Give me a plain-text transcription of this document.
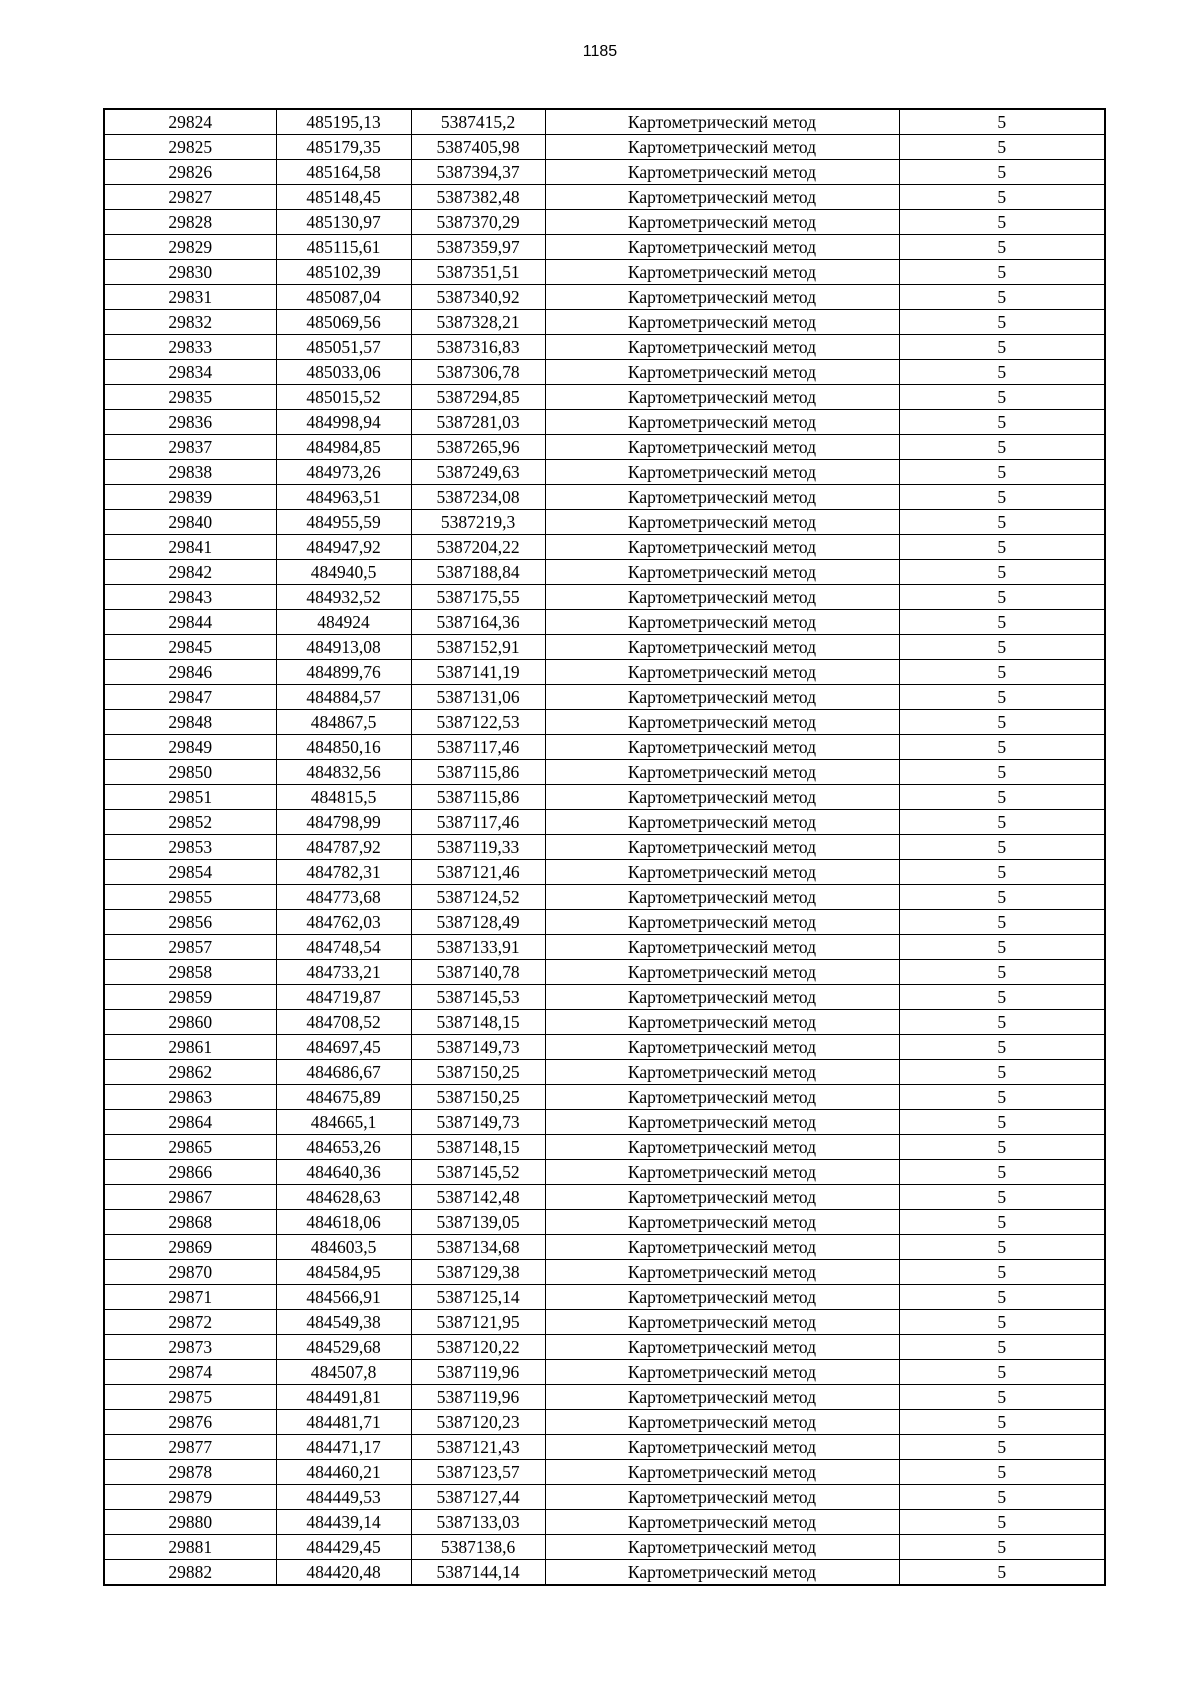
1185
29824	485195,13	5387415,2	Картометрический метод	5
29825	485179,35	5387405,98	Картометрический метод	5
29826	485164,58	5387394,37	Картометрический метод	5
29827	485148,45	5387382,48	Картометрический метод	5
29828	485130,97	5387370,29	Картометрический метод	5
29829	485115,61	5387359,97	Картометрический метод	5
29830	485102,39	5387351,51	Картометрический метод	5
29831	485087,04	5387340,92	Картометрический метод	5
29832	485069,56	5387328,21	Картометрический метод	5
29833	485051,57	5387316,83	Картометрический метод	5
29834	485033,06	5387306,78	Картометрический метод	5
29835	485015,52	5387294,85	Картометрический метод	5
29836	484998,94	5387281,03	Картометрический метод	5
29837	484984,85	5387265,96	Картометрический метод	5
29838	484973,26	5387249,63	Картометрический метод	5
29839	484963,51	5387234,08	Картометрический метод	5
29840	484955,59	5387219,3	Картометрический метод	5
29841	484947,92	5387204,22	Картометрический метод	5
29842	484940,5	5387188,84	Картометрический метод	5
29843	484932,52	5387175,55	Картометрический метод	5
29844	484924	5387164,36	Картометрический метод	5
29845	484913,08	5387152,91	Картометрический метод	5
29846	484899,76	5387141,19	Картометрический метод	5
29847	484884,57	5387131,06	Картометрический метод	5
29848	484867,5	5387122,53	Картометрический метод	5
29849	484850,16	5387117,46	Картометрический метод	5
29850	484832,56	5387115,86	Картометрический метод	5
29851	484815,5	5387115,86	Картометрический метод	5
29852	484798,99	5387117,46	Картометрический метод	5
29853	484787,92	5387119,33	Картометрический метод	5
29854	484782,31	5387121,46	Картометрический метод	5
29855	484773,68	5387124,52	Картометрический метод	5
29856	484762,03	5387128,49	Картометрический метод	5
29857	484748,54	5387133,91	Картометрический метод	5
29858	484733,21	5387140,78	Картометрический метод	5
29859	484719,87	5387145,53	Картометрический метод	5
29860	484708,52	5387148,15	Картометрический метод	5
29861	484697,45	5387149,73	Картометрический метод	5
29862	484686,67	5387150,25	Картометрический метод	5
29863	484675,89	5387150,25	Картометрический метод	5
29864	484665,1	5387149,73	Картометрический метод	5
29865	484653,26	5387148,15	Картометрический метод	5
29866	484640,36	5387145,52	Картометрический метод	5
29867	484628,63	5387142,48	Картометрический метод	5
29868	484618,06	5387139,05	Картометрический метод	5
29869	484603,5	5387134,68	Картометрический метод	5
29870	484584,95	5387129,38	Картометрический метод	5
29871	484566,91	5387125,14	Картометрический метод	5
29872	484549,38	5387121,95	Картометрический метод	5
29873	484529,68	5387120,22	Картометрический метод	5
29874	484507,8	5387119,96	Картометрический метод	5
29875	484491,81	5387119,96	Картометрический метод	5
29876	484481,71	5387120,23	Картометрический метод	5
29877	484471,17	5387121,43	Картометрический метод	5
29878	484460,21	5387123,57	Картометрический метод	5
29879	484449,53	5387127,44	Картометрический метод	5
29880	484439,14	5387133,03	Картометрический метод	5
29881	484429,45	5387138,6	Картометрический метод	5
29882	484420,48	5387144,14	Картометрический метод	5
